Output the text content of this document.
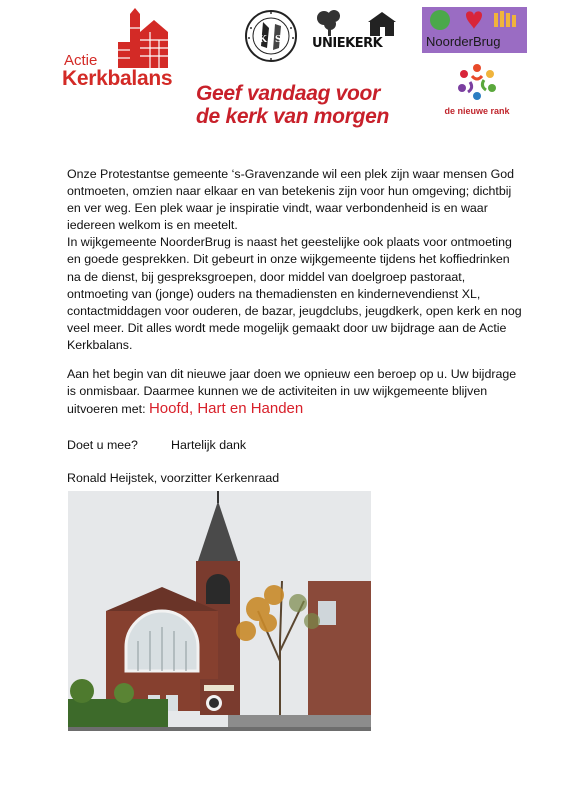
Actie
Kerkbalans
K S UNIEKERK	NoorderBrug
Geef vandaag voor
de kerk van morgen	de nieuwe rank

Onze Protestantse gemeente ‘s-Gravenzande wil een plek zijn waar mensen God ontmoeten, omzien naar elkaar en van betekenis zijn voor hun omgeving; dichtbij en ver weg. Een plek waar je inspiratie vindt, waar verbondenheid is en waar iedereen welkom is en meetelt.

In wijkgemeente NoorderBrug is naast het geestelijke ook plaats voor ontmoeting en goede gesprekken. Dit gebeurt in onze wijkgemeente tijdens het koffiedrinken na de dienst, bij gespreksgroepen, door middel van doelgroep pastoraat, ontmoeting van (jonge) ouders na themadiensten en kindernevendienst XL, contactmiddagen voor ouderen, de bazar, jeugdclubs, jeugdkerk, open kerk en nog veel meer. Dit alles wordt mede mogelijk gemaakt door uw bijdrage aan de Actie Kerkbalans.

Aan het begin van dit nieuwe jaar doen we opnieuw een beroep op u. Uw bijdrage is onmisbaar. Daarmee kunnen we de activiteiten in uw wijkgemeente blijven uitvoeren met: Hoofd, Hart en Handen

Doet u mee?	Hartelijk dank
Ronald Heijstek, voorzitter Kerkenraad
